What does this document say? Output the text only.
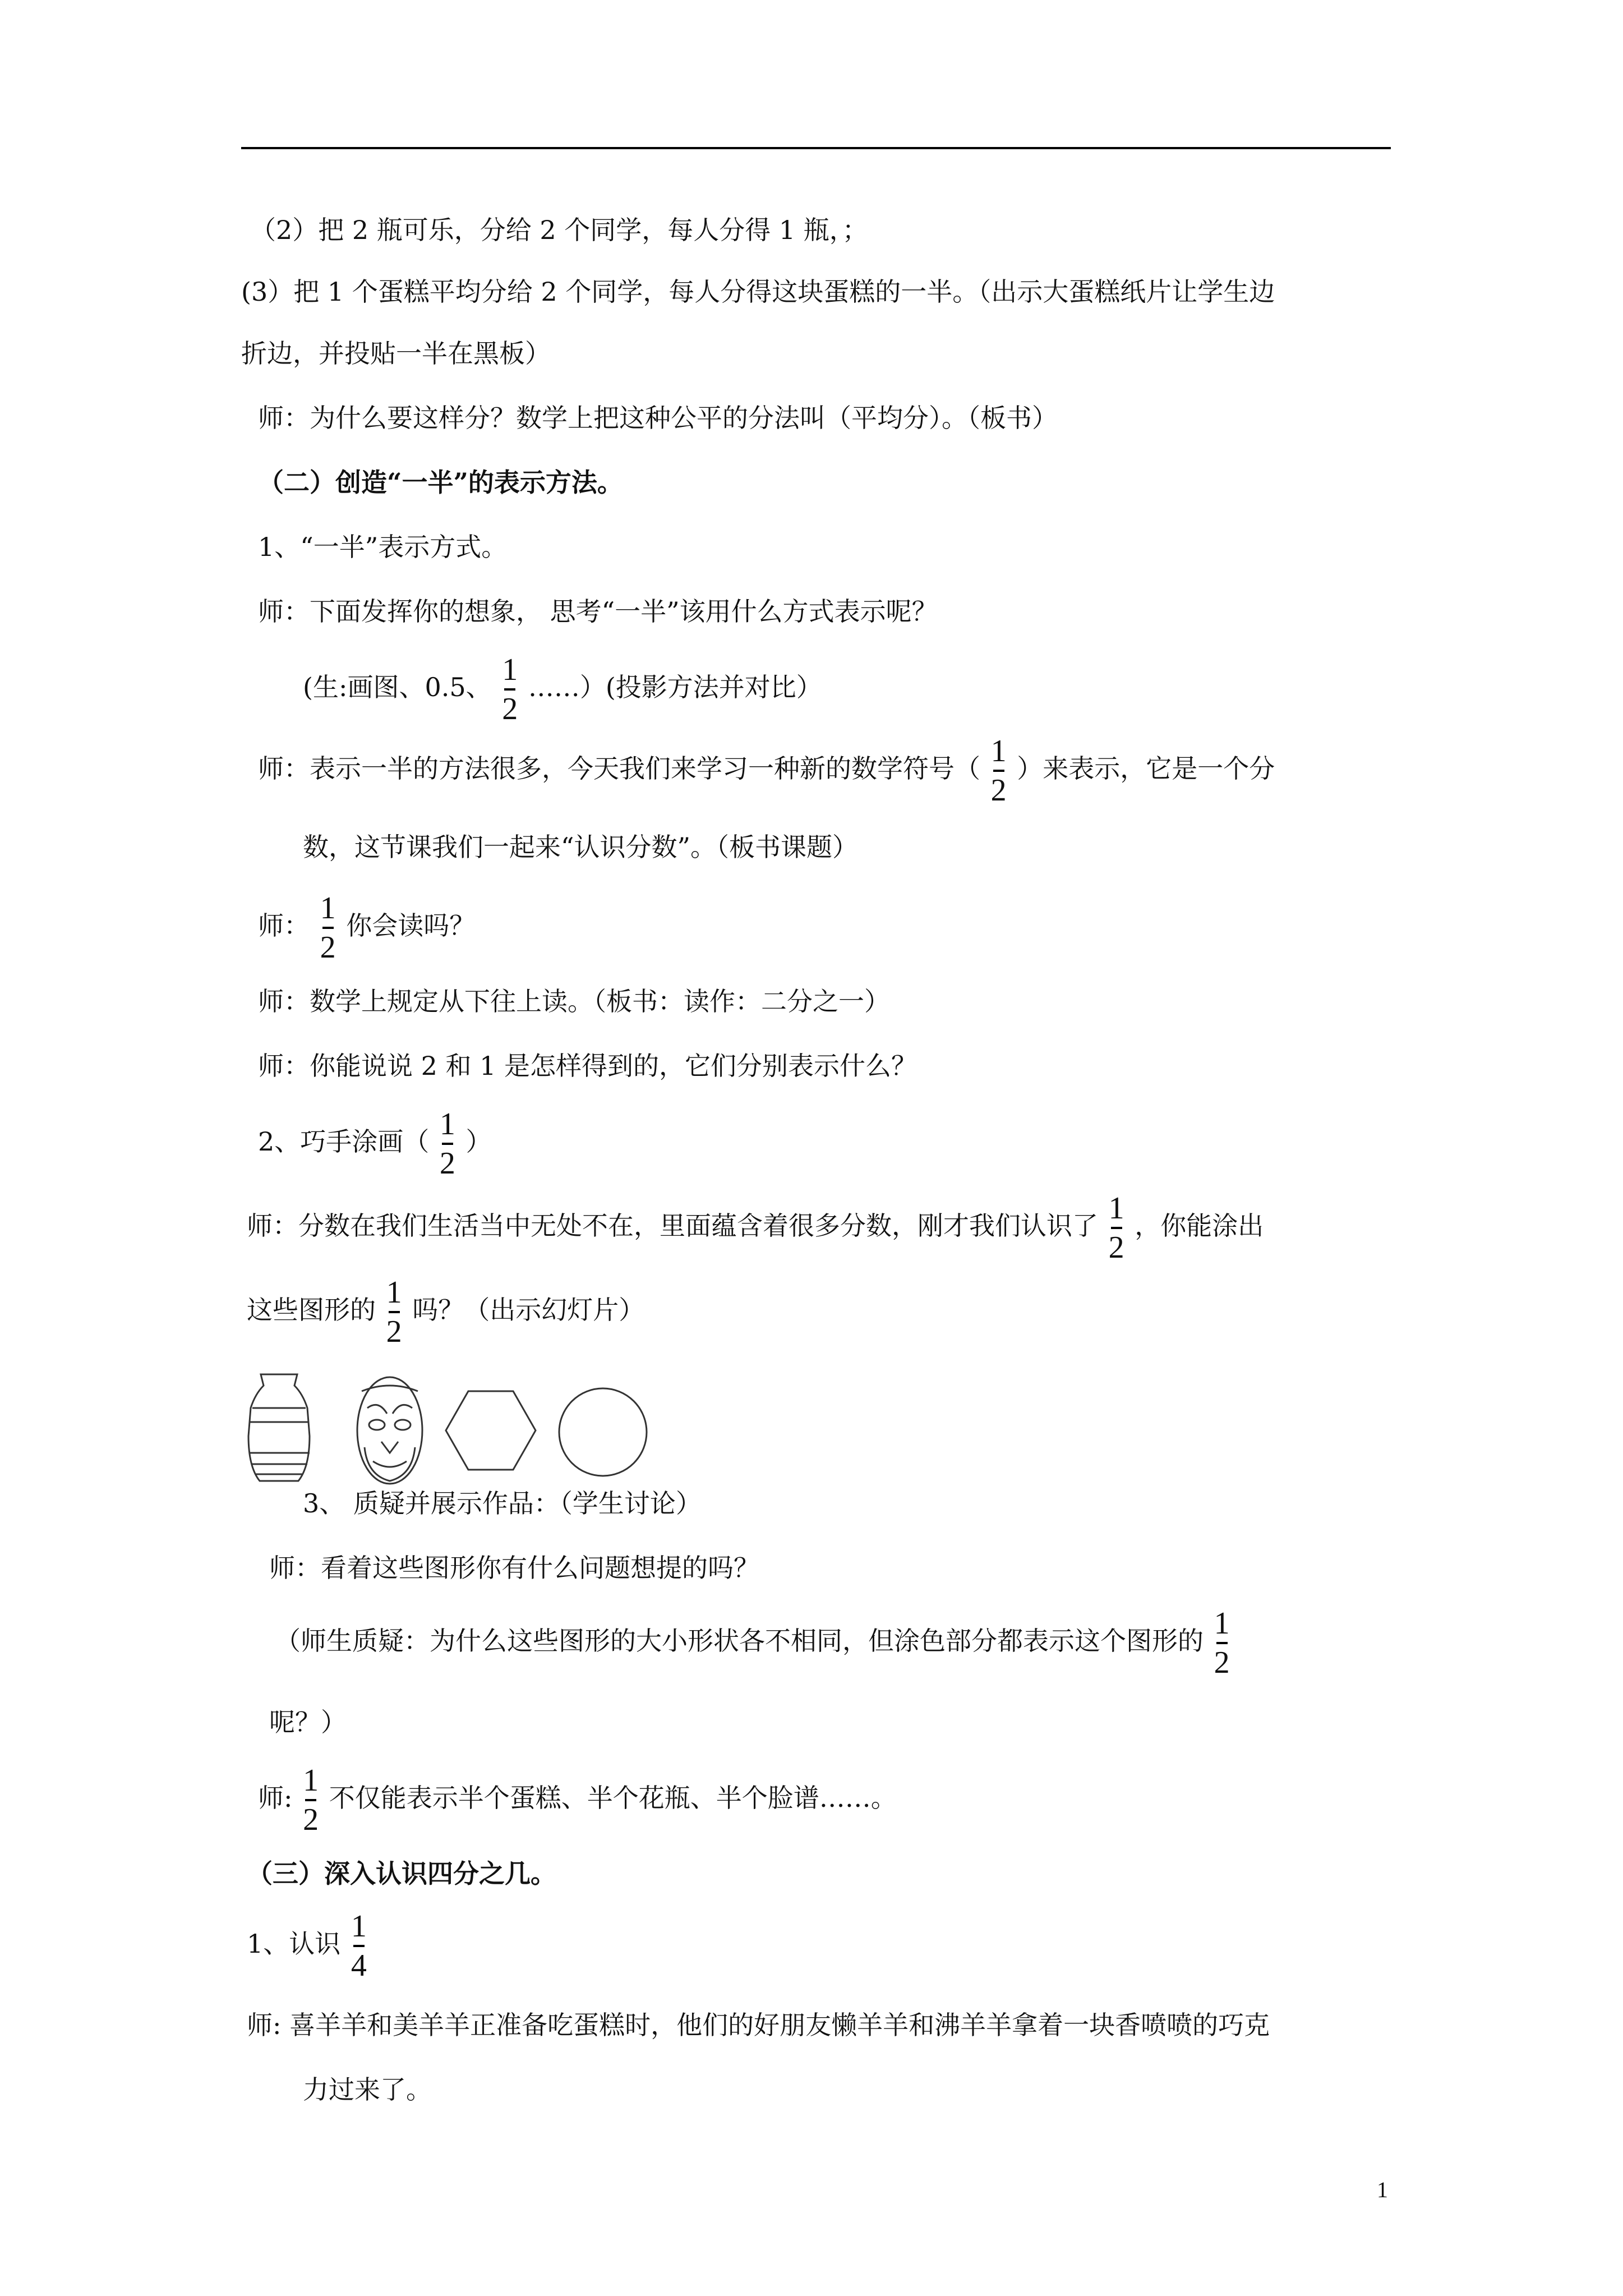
（2）把 2 瓶可乐，分给 2 个同学，每人分得 1 瓶，；
(3）把 1 个蛋糕平均分给 2 个同学，每人分得这块蛋糕的一半。（出示大蛋糕纸片让学生边
折边，并投贴一半在黑板）
师：为什么要这样分？数学上把这种公平的分法叫（平均分）。（板书）
（二）创造“一半”的表示方法。
1、“一半”表示方式。
师：下面发挥你的想象， 思考“一半”该用什么方式表示呢？
(生:画图、0.5、 $\frac{1}{2}$ ……）(投影方法并对比）
师：表示一半的方法很多，今天我们来学习一种新的数学符号（ $\frac{1}{2}$ ）来表示，它是一个分
数，这节课我们一起来“认识分数”。（板书课题）
师： $\frac{1}{2}$ 你会读吗？
师：数学上规定从下往上读。（板书：读作：二分之一）
师：你能说说 2 和 1 是怎样得到的，它们分别表示什么？
2、巧手涂画（ $\frac{1}{2}$ ）
师：分数在我们生活当中无处不在，里面蕴含着很多分数，刚才我们认识了 $\frac{1}{2}$ ，你能涂出
这些图形的 $\frac{1}{2}$ 吗？（出示幻灯片）
3、 质疑并展示作品：（学生讨论）
师：看着这些图形你有什么问题想提的吗？
（师生质疑：为什么这些图形的大小形状各不相同，但涂色部分都表示这个图形的 $\frac{1}{2}$
呢？）
师: $\frac{1}{2}$ 不仅能表示半个蛋糕、半个花瓶、半个脸谱……。
（三）深入认识四分之几。
1、认识 $\frac{1}{4}$
师: 喜羊羊和美羊羊正准备吃蛋糕时，他们的好朋友懒羊羊和沸羊羊拿着一块香喷喷的巧克
力过来了。
1
